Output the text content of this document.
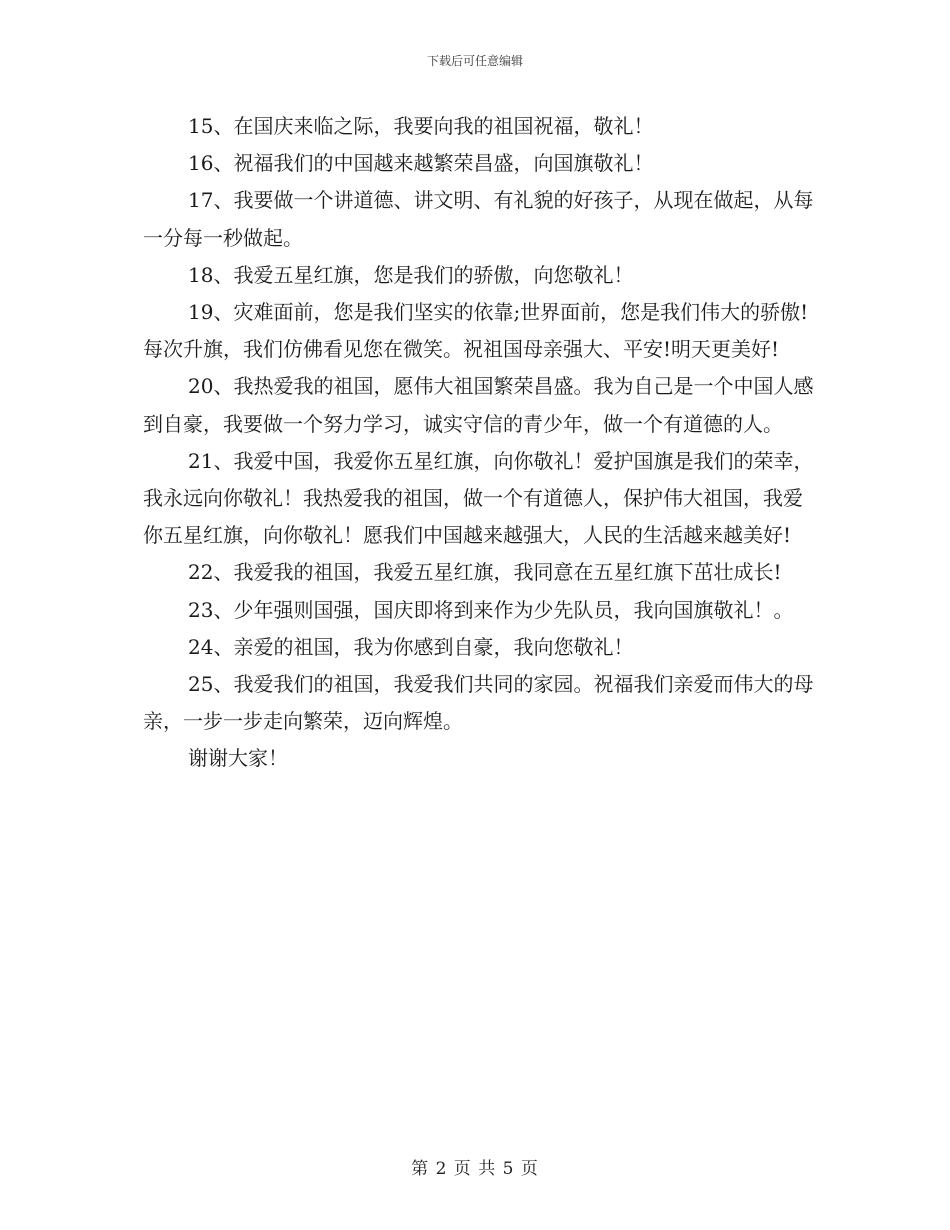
下载后可任意编辑

15、在国庆来临之际，我要向我的祖国祝福，敬礼！

16、祝福我们的中国越来越繁荣昌盛，向国旗敬礼！

17、我要做一个讲道德、讲文明、有礼貌的好孩子，从现在做起，从每一分每一秒做起。

18、我爱五星红旗，您是我们的骄傲，向您敬礼！

19、灾难面前，您是我们坚实的依靠;世界面前，您是我们伟大的骄傲!每次升旗，我们仿佛看见您在微笑。祝祖国母亲强大、平安!明天更美好!

20、我热爱我的祖国，愿伟大祖国繁荣昌盛。我为自己是一个中国人感到自豪，我要做一个努力学习，诚实守信的青少年，做一个有道德的人。

21、我爱中国，我爱你五星红旗，向你敬礼！爱护国旗是我们的荣幸，我永远向你敬礼！我热爱我的祖国，做一个有道德人，保护伟大祖国，我爱你五星红旗，向你敬礼！愿我们中国越来越强大，人民的生活越来越美好!

22、我爱我的祖国，我爱五星红旗，我同意在五星红旗下茁壮成长!

23、少年强则国强，国庆即将到来作为少先队员，我向国旗敬礼！。

24、亲爱的祖国，我为你感到自豪，我向您敬礼！

25、我爱我们的祖国，我爱我们共同的家园。祝福我们亲爱而伟大的母亲，一步一步走向繁荣，迈向辉煌。

谢谢大家！

第 2 页 共 5 页
